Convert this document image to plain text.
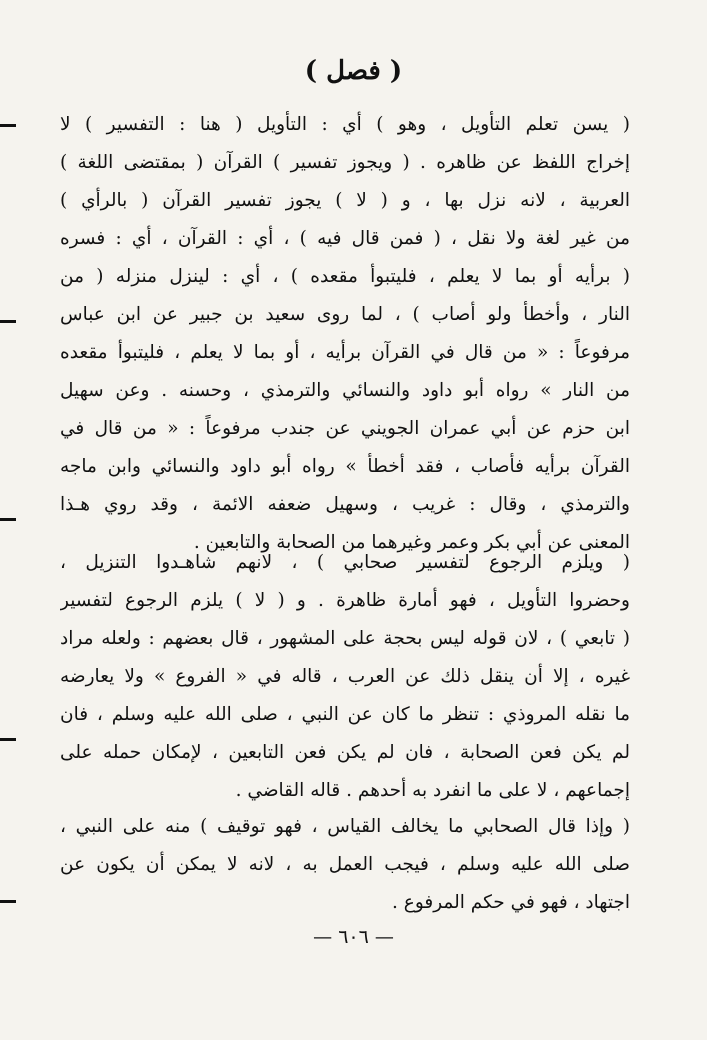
( فصل )
( يسن تعلم التأويل ، وهو ) أي : التأويل ( هنا : التفسير ) لا
إخراج اللفظ عن ظاهره . ( ويجوز تفسير ) القرآن ( بمقتضى اللغة )
العربية ، لانه نزل بها ، و ( لا ) يجوز تفسير القرآن ( بالرأي )
من غير لغة ولا نقل ، ( فمن قال فيه ) ، أي : القرآن ، أي : فسره
( برأيه أو بما لا يعلم ، فليتبوأ مقعده ) ، أي : لينزل منزله ( من
النار ، وأخطأ ولو أصاب ) ، لما روى سعيد بن جبير عن ابن عباس
مرفوعاً : « من قال في القرآن برأيه ، أو بما لا يعلم ، فليتبوأ مقعده
من النار » رواه أبو داود والنسائي والترمذي ، وحسنه . وعن سهيل
ابن حزم عن أبي عمران الجويني عن جندب مرفوعاً : « من قال في
القرآن برأيه فأصاب ، فقد أخطأ » رواه أبو داود والنسائي وابن ماجه
والترمذي ، وقال : غريب ، وسهيل ضعفه الائمة ، وقد روي هـذا
المعنى عن أبي بكر وعمر وغيرهما من الصحابة والتابعين .
( ويلزم الرجوع لتفسير صحابي ) ، لانهم شاهـدوا التنزيل ،
وحضروا التأويل ، فهو أمارة ظاهرة . و ( لا ) يلزم الرجوع لتفسير
( تابعي ) ، لان قوله ليس بحجة على المشهور ، قال بعضهم : ولعله مراد
غيره ، إلا أن ينقل ذلك عن العرب ، قاله في « الفروع » ولا يعارضه
ما نقله المروذي : تنظر ما كان عن النبي ، صلى الله عليه وسلم ، فان
لم يكن فعن الصحابة ، فان لم يكن فعن التابعين ، لإمكان حمله على
إجماعهم ، لا على ما انفرد به أحدهم . قاله القاضي .
( وإذا قال الصحابي ما يخالف القياس ، فهو توقيف ) منه على النبي ،
صلى الله عليه وسلم ، فيجب العمل به ، لانه لا يمكن أن يكون عن
اجتهاد ، فهو في حكم المرفوع .
— ٦٠٦ —
